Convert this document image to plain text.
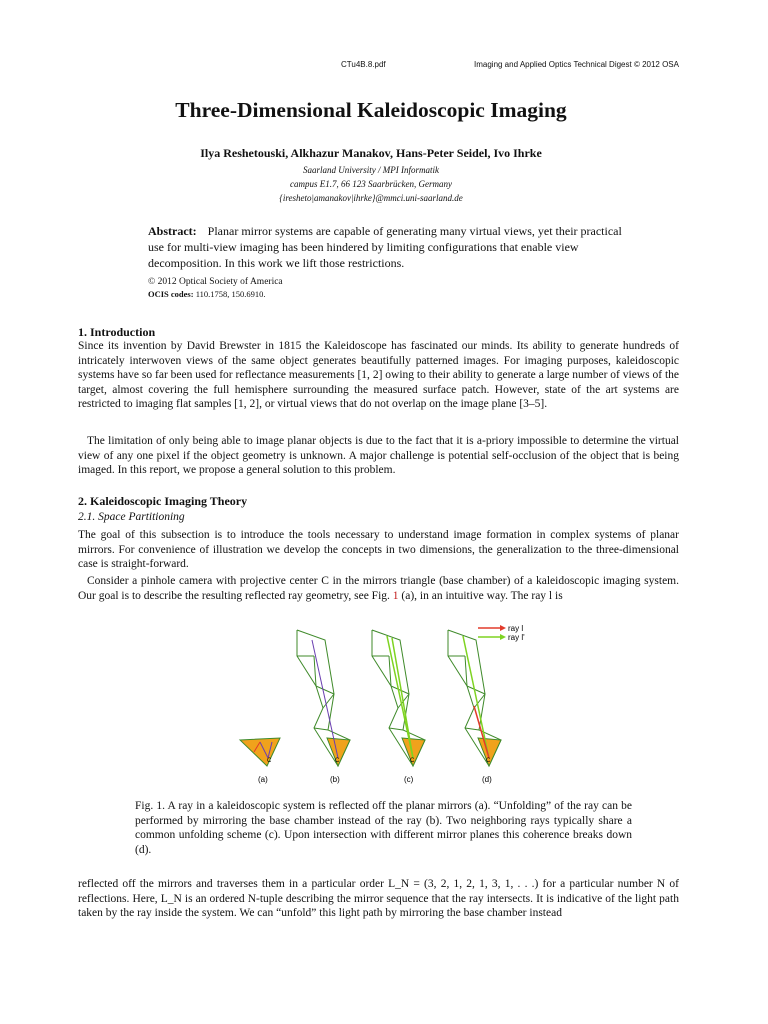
CTu4B.8.pdf	Imaging and Applied Optics Technical Digest © 2012 OSA
Three-Dimensional Kaleidoscopic Imaging
Ilya Reshetouski, Alkhazur Manakov, Hans-Peter Seidel, Ivo Ihrke
Saarland University / MPI Informatik
campus E1.7, 66 123 Saarbrücken, Germany
{iresheto|amanakov|ihrke}@mmci.uni-saarland.de

Abstract: Planar mirror systems are capable of generating many virtual views, yet their practical use for multi-view imaging has been hindered by limiting configurations that enable view decomposition. In this work we lift those restrictions.

© 2012 Optical Society of America
OCIS codes: 110.1758, 150.6910.
1. Introduction

Since its invention by David Brewster in 1815 the Kaleidoscope has fascinated our minds. Its ability to generate hundreds of intricately interwoven views of the same object generates beautifully patterned images. For imaging purposes, kaleidoscopic systems have so far been used for reflectance measurements [1, 2] owing to their ability to generate a large number of views of the target, almost covering the full hemisphere surrounding the measured surface patch. However, state of the art systems are restricted to imaging flat samples [1, 2], or virtual views that do not overlap on the image plane [3–5].

The limitation of only being able to image planar objects is due to the fact that it is a-priory impossible to determine the virtual view of any one pixel if the object geometry is unknown. A major challenge is potential self-occlusion of the object that is being imaged. In this report, we propose a general solution to this problem.

2. Kaleidoscopic Imaging Theory
2.1. Space Partitioning

The goal of this subsection is to introduce the tools necessary to understand image formation in complex systems of planar mirrors. For convenience of illustration we develop the concepts in two dimensions, the generalization to the three-dimensional case is straight-forward.

Consider a pinhole camera with projective center C in the mirrors triangle (base chamber) of a kaleidoscopic imaging system. Our goal is to describe the resulting reflected ray geometry, see Fig. 1 (a), in an intuitive way. The ray l is

ray l
ray l'
C
(a)
C
(b)
C
(c)
C
(d)

Fig. 1. A ray in a kaleidoscopic system is reflected off the planar mirrors (a). “Unfolding” of the ray can be performed by mirroring the base chamber instead of the ray (b). Two neighboring rays typically share a common unfolding scheme (c). Upon intersection with different mirror planes this coherence breaks down (d).

reflected off the mirrors and traverses them in a particular order L_N = (3, 2, 1, 2, 1, 3, 1, . . .) for a particular number N of reflections. Here, L_N is an ordered N-tuple describing the mirror sequence that the ray intersects. It is indicative of the light path taken by the ray inside the system. We can “unfold” this light path by mirroring the base chamber instead
